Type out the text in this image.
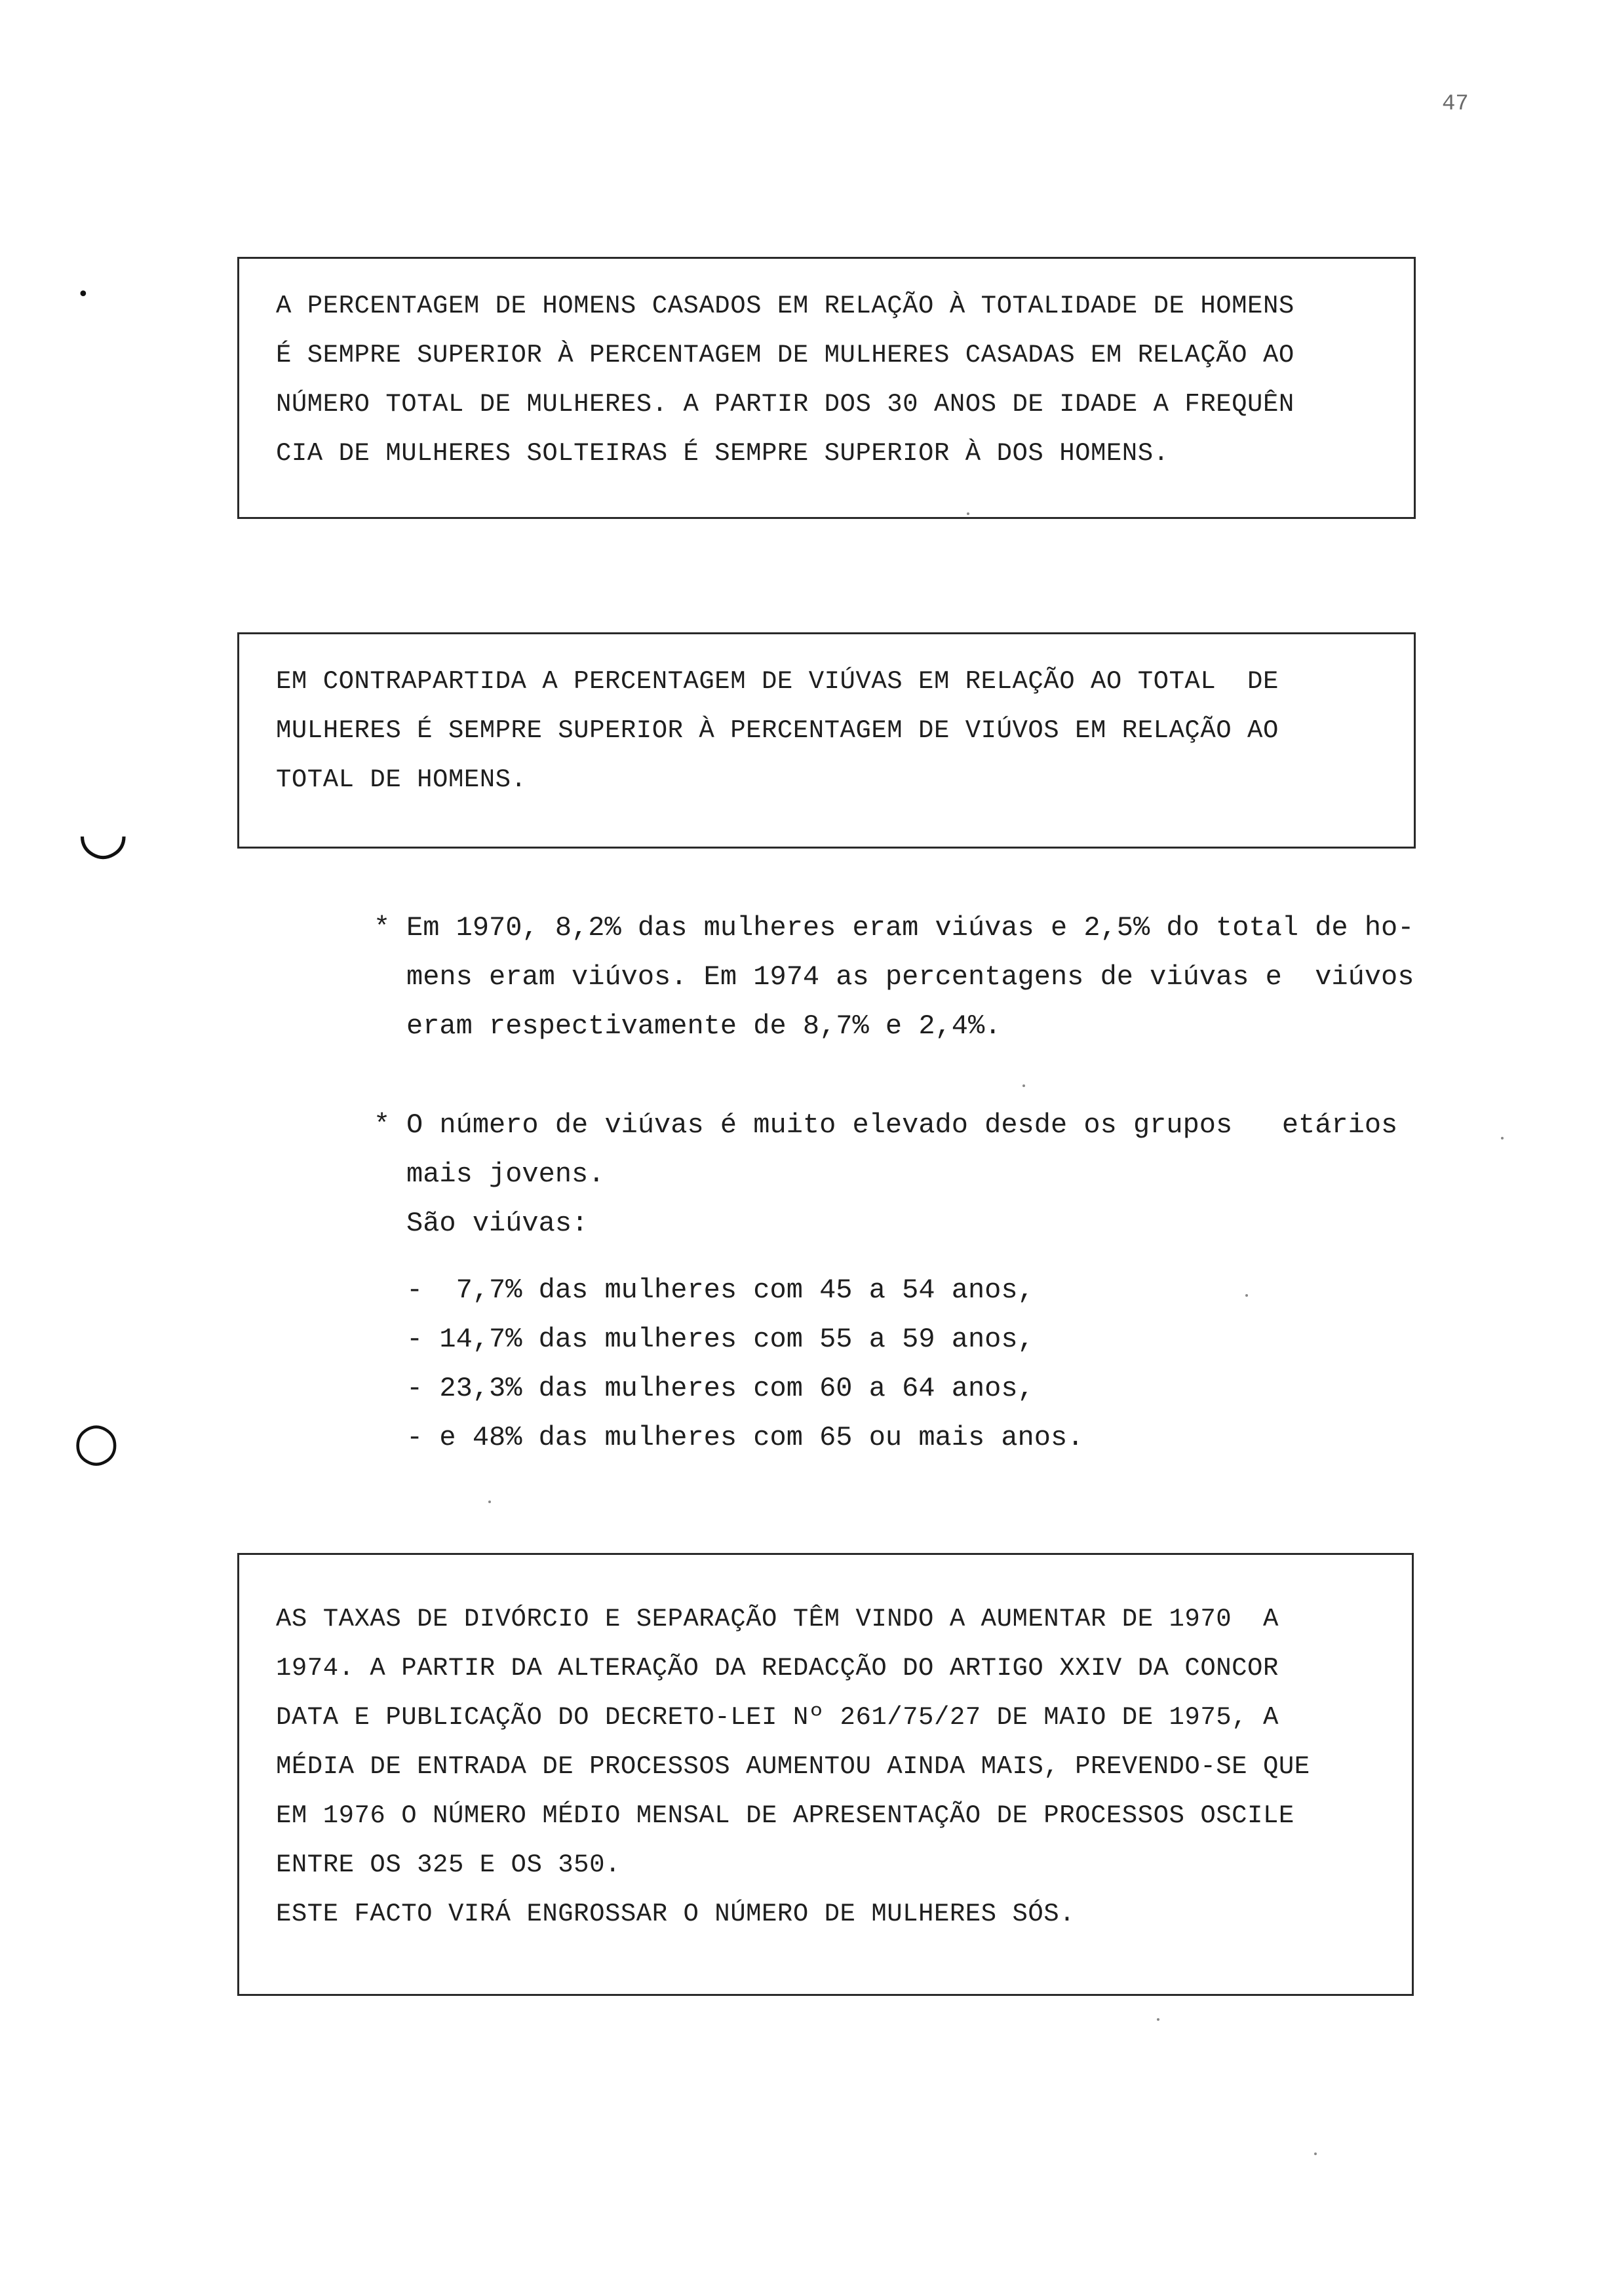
47
•
◡
○
A PERCENTAGEM DE HOMENS CASADOS EM RELAÇÃO À TOTALIDADE DE HOMENS
É SEMPRE SUPERIOR À PERCENTAGEM DE MULHERES CASADAS EM RELAÇÃO AO
NÚMERO TOTAL DE MULHERES. A PARTIR DOS 30 ANOS DE IDADE A FREQUÊN
CIA DE MULHERES SOLTEIRAS É SEMPRE SUPERIOR À DOS HOMENS.
EM CONTRAPARTIDA A PERCENTAGEM DE VIÚVAS EM RELAÇÃO AO TOTAL  DE
MULHERES É SEMPRE SUPERIOR À PERCENTAGEM DE VIÚVOS EM RELAÇÃO AO
TOTAL DE HOMENS.
* Em 1970, 8,2% das mulheres eram viúvas e 2,5% do total de ho-
mens eram viúvos. Em 1974 as percentagens de viúvas e  viúvos
eram respectivamente de 8,7% e 2,4%.
* O número de viúvas é muito elevado desde os grupos   etários
mais jovens.
São viúvas:
-  7,7% das mulheres com 45 a 54 anos,
- 14,7% das mulheres com 55 a 59 anos,
- 23,3% das mulheres com 60 a 64 anos,
- e 48% das mulheres com 65 ou mais anos.
AS TAXAS DE DIVÓRCIO E SEPARAÇÃO TÊM VINDO A AUMENTAR DE 1970  A
1974. A PARTIR DA ALTERAÇÃO DA REDACÇÃO DO ARTIGO XXIV DA CONCOR
DATA E PUBLICAÇÃO DO DECRETO-LEI Nº 261/75/27 DE MAIO DE 1975, A
MÉDIA DE ENTRADA DE PROCESSOS AUMENTOU AINDA MAIS, PREVENDO-SE QUE
EM 1976 O NÚMERO MÉDIO MENSAL DE APRESENTAÇÃO DE PROCESSOS OSCILE
ENTRE OS 325 E OS 350.
ESTE FACTO VIRÁ ENGROSSAR O NÚMERO DE MULHERES SÓS.
